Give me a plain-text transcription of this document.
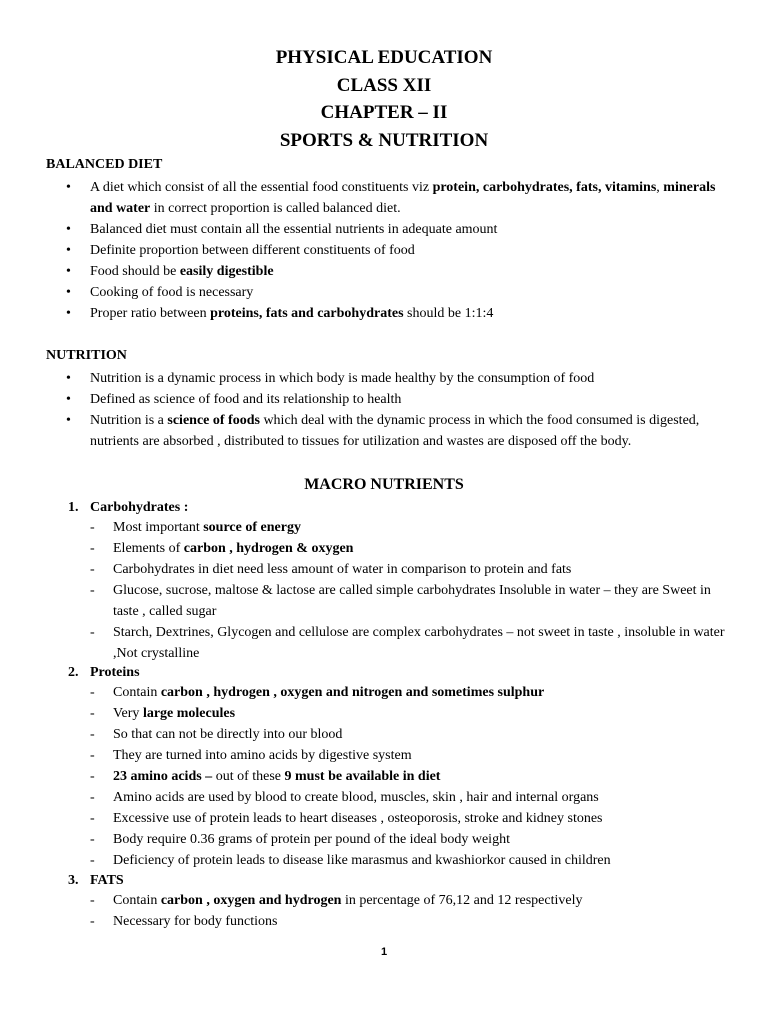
PHYSICAL EDUCATION
CLASS XII
CHAPTER – II
SPORTS & NUTRITION
BALANCED DIET
• A diet which consist of all the essential food constituents viz protein, carbohydrates, fats, vitamins, minerals and water in correct proportion is called balanced diet.
• Balanced diet must contain all the essential nutrients in adequate amount
• Definite proportion between different constituents of food
• Food should be easily digestible
• Cooking of food is necessary
• Proper ratio between proteins, fats and carbohydrates should be 1:1:4
NUTRITION
• Nutrition is a dynamic process in which body is made healthy by the consumption of food
• Defined as science of food and its relationship to health
• Nutrition is a science of foods which deal with the dynamic process in which the food consumed is digested, nutrients are absorbed , distributed to tissues for utilization and wastes are disposed off the body.
MACRO NUTRIENTS
1. Carbohydrates :
- Most important source of energy
- Elements of carbon , hydrogen & oxygen
- Carbohydrates in diet need less amount of water in comparison to protein and fats
- Glucose, sucrose, maltose & lactose are called simple carbohydrates Insoluble in water – they are Sweet in taste , called sugar
- Starch, Dextrines, Glycogen and cellulose are complex carbohydrates – not sweet in taste , insoluble in water ,Not crystalline
2. Proteins
- Contain carbon , hydrogen , oxygen and nitrogen and sometimes sulphur
- Very large molecules
- So that can not be directly into our blood
- They are turned into amino acids by digestive system
- 23 amino acids – out of these 9 must be available in diet
- Amino acids are used by blood to create blood, muscles, skin , hair and internal organs
- Excessive use of protein leads to heart diseases , osteoporosis, stroke and kidney stones
- Body require 0.36 grams of protein per pound of the ideal body weight
- Deficiency of protein leads to disease like marasmus and kwashiorkor caused in children
3. FATS
- Contain carbon , oxygen and hydrogen in percentage of 76,12 and 12 respectively
- Necessary for body functions
1
